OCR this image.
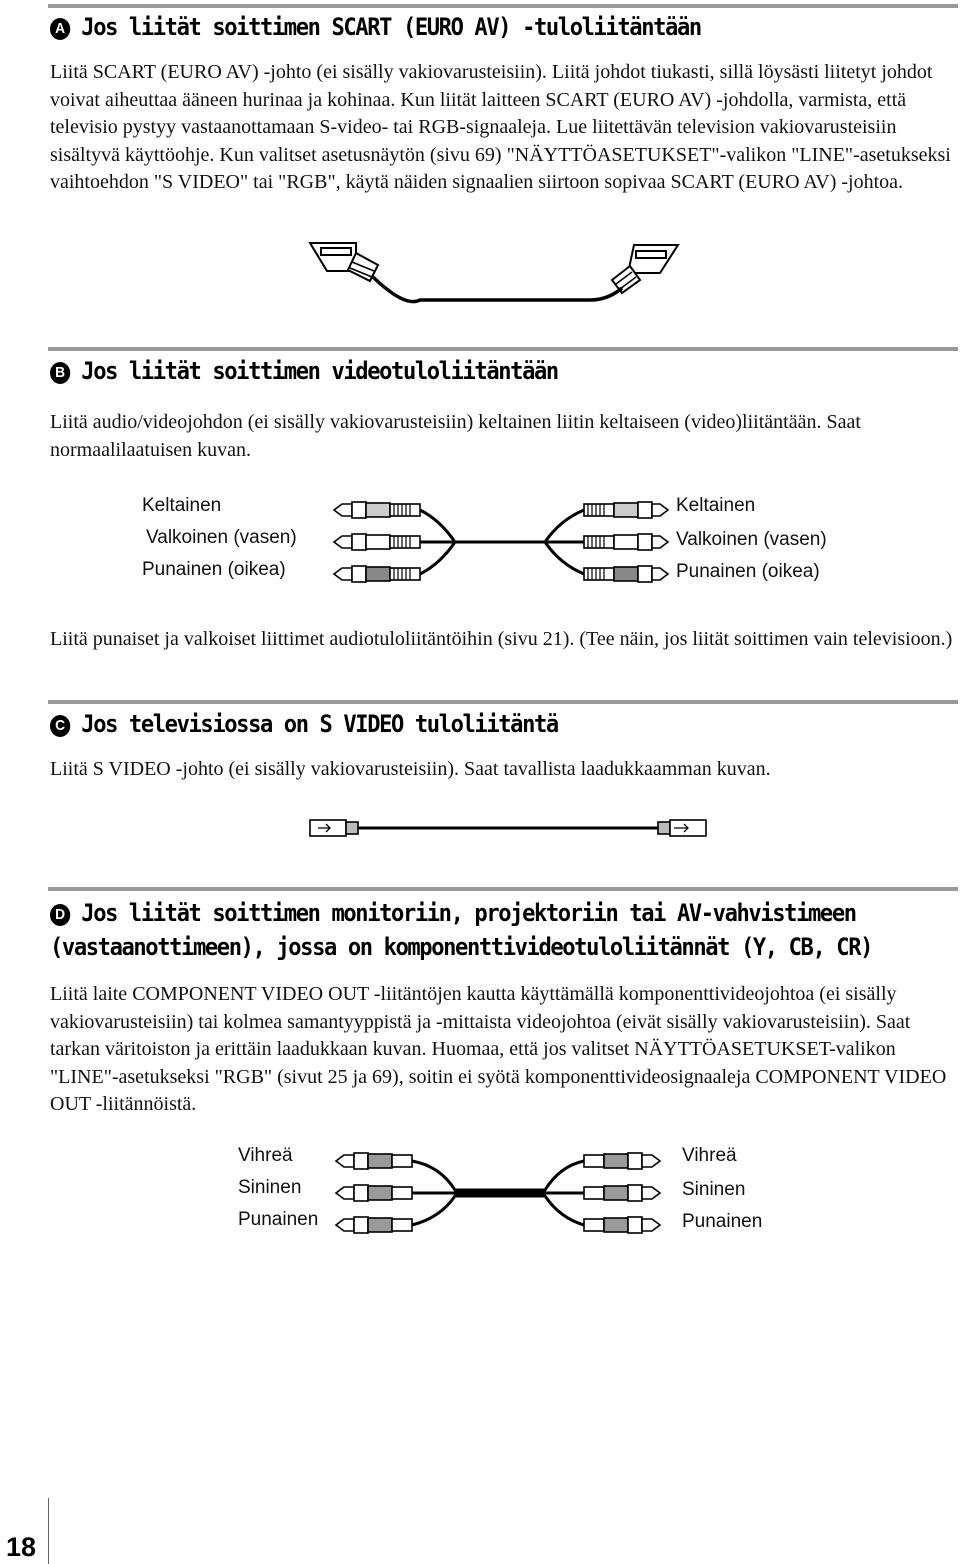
A Jos liität soittimen SCART (EURO AV) -tuloliitäntään
Liitä SCART (EURO AV) -johto (ei sisälly vakiovarusteisiin). Liitä johdot tiukasti, sillä löysästi liitetyt johdot voivat aiheuttaa ääneen hurinaa ja kohinaa. Kun liität laitteen SCART (EURO AV) -johdolla, varmista, että televisio pystyy vastaanottamaan S-video- tai RGB-signaaleja. Lue liitettävän television vakiovarusteisiin sisältyvä käyttöohje. Kun valitset asetusnäytön (sivu 69) "NÄYTTÖASETUKSET"-valikon "LINE"-asetukseksi vaihtoehdon "S VIDEO" tai "RGB", käytä näiden signaalien siirtoon sopivaa SCART (EURO AV) -johtoa.
B Jos liität soittimen videotuloliitäntään
Liitä audio/videojohdon (ei sisälly vakiovarusteisiin) keltainen liitin keltaiseen (video)liitäntään. Saat normaalilaatuisen kuvan.
Keltainen
Valkoinen (vasen)
Punainen (oikea)
Keltainen
Valkoinen (vasen)
Punainen (oikea)
Liitä punaiset ja valkoiset liittimet audiotuloliitäntöihin (sivu 21). (Tee näin, jos liität soittimen vain televisioon.)
C Jos televisiossa on S VIDEO tuloliitäntä
Liitä S VIDEO -johto (ei sisälly vakiovarusteisiin). Saat tavallista laadukkaamman kuvan.
D Jos liität soittimen monitoriin, projektoriin tai AV-vahvistimeen
(vastaanottimeen), jossa on komponenttivideotuloliitännät (Y, CB, CR)
Liitä laite COMPONENT VIDEO OUT -liitäntöjen kautta käyttämällä komponenttivideojohtoa (ei sisälly vakiovarusteisiin) tai kolmea samantyyppistä ja -mittaista videojohtoa (eivät sisälly vakiovarusteisiin). Saat tarkan väritoiston ja erittäin laadukkaan kuvan. Huomaa, että jos valitset NÄYTTÖASETUKSET-valikon "LINE"-asetukseksi "RGB" (sivut 25 ja 69), soitin ei syötä komponenttivideosignaaleja COMPONENT VIDEO OUT -liitännöistä.
Vihreä
Sininen
Punainen
Vihreä
Sininen
Punainen
18
